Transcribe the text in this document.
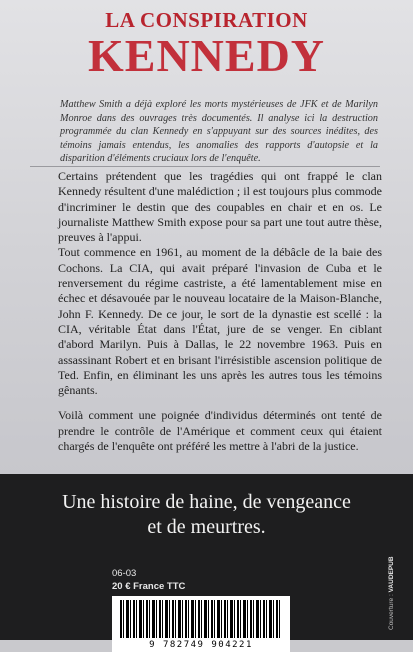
LA CONSPIRATION
KENNEDY
Matthew Smith a déjà exploré les morts mystérieuses de JFK et de Marilyn Monroe dans des ouvrages très documentés. Il analyse ici la destruction programmée du clan Kennedy en s'appuyant sur des sources inédites, des témoins jamais entendus, les anomalies des rapports d'autopsie et la disparition d'éléments cruciaux lors de l'enquête.

Certains prétendent que les tragédies qui ont frappé le clan Kennedy résultent d'une malédiction ; il est toujours plus commode d'incriminer le destin que des coupables en chair et en os. Le journaliste Matthew Smith expose pour sa part une tout autre thèse, preuves à l'appui.

Tout commence en 1961, au moment de la débâcle de la baie des Cochons. La CIA, qui avait préparé l'invasion de Cuba et le renversement du régime castriste, a été lamentablement mise en échec et désavouée par le nouveau locataire de la Maison-Blanche, John F. Kennedy. De ce jour, le sort de la dynastie est scellé : la CIA, véritable État dans l'État, jure de se venger. En ciblant d'abord Marilyn. Puis à Dallas, le 22 novembre 1963. Puis en assassinant Robert et en brisant l'irrésistible ascension politique de Ted. Enfin, en éliminant les uns après les autres tous les témoins gênants.

Voilà comment une poignée d'individus déterminés ont tenté de prendre le contrôle de l'Amérique et comment ceux qui étaient chargés de l'enquête ont préféré les mettre à l'abri de la justice.

Une histoire de haine, de vengeance
et de meurtres.
06-03
20 € France TTC
9 782749 904221
Couverture : VAUDEPUB
